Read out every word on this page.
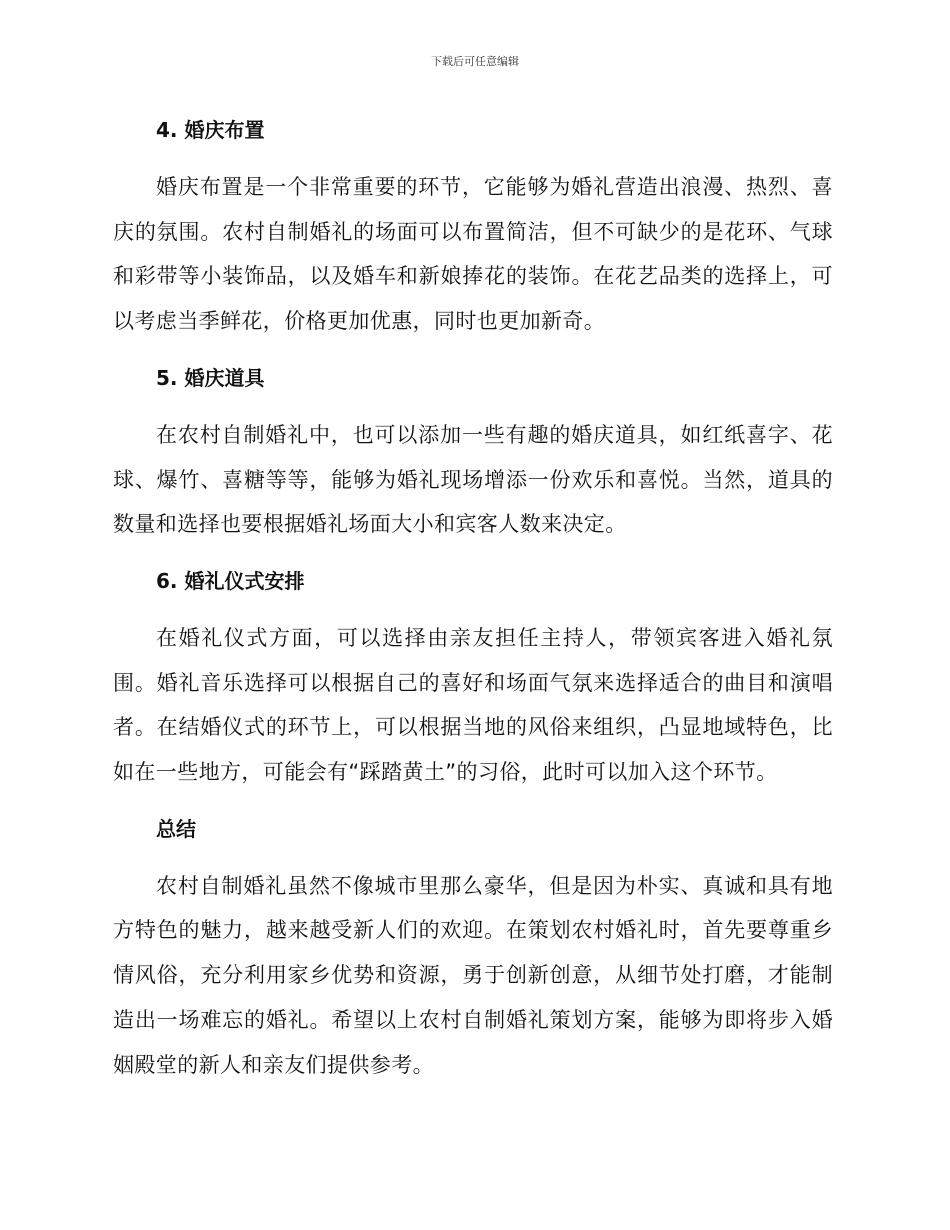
下载后可任意编辑
4. 婚庆布置

婚庆布置是一个非常重要的环节，它能够为婚礼营造出浪漫、热烈、喜庆的氛围。农村自制婚礼的场面可以布置简洁，但不可缺少的是花环、气球和彩带等小装饰品，以及婚车和新娘捧花的装饰。在花艺品类的选择上，可以考虑当季鲜花，价格更加优惠，同时也更加新奇。

5. 婚庆道具

在农村自制婚礼中，也可以添加一些有趣的婚庆道具，如红纸喜字、花球、爆竹、喜糖等等，能够为婚礼现场增添一份欢乐和喜悦。当然，道具的数量和选择也要根据婚礼场面大小和宾客人数来决定。

6. 婚礼仪式安排

在婚礼仪式方面，可以选择由亲友担任主持人，带领宾客进入婚礼氛围。婚礼音乐选择可以根据自己的喜好和场面气氛来选择适合的曲目和演唱者。在结婚仪式的环节上，可以根据当地的风俗来组织，凸显地域特色，比如在一些地方，可能会有“踩踏黄土”的习俗，此时可以加入这个环节。

总结

农村自制婚礼虽然不像城市里那么豪华，但是因为朴实、真诚和具有地方特色的魅力，越来越受新人们的欢迎。在策划农村婚礼时，首先要尊重乡情风俗，充分利用家乡优势和资源，勇于创新创意，从细节处打磨，才能制造出一场难忘的婚礼。希望以上农村自制婚礼策划方案，能够为即将步入婚姻殿堂的新人和亲友们提供参考。
